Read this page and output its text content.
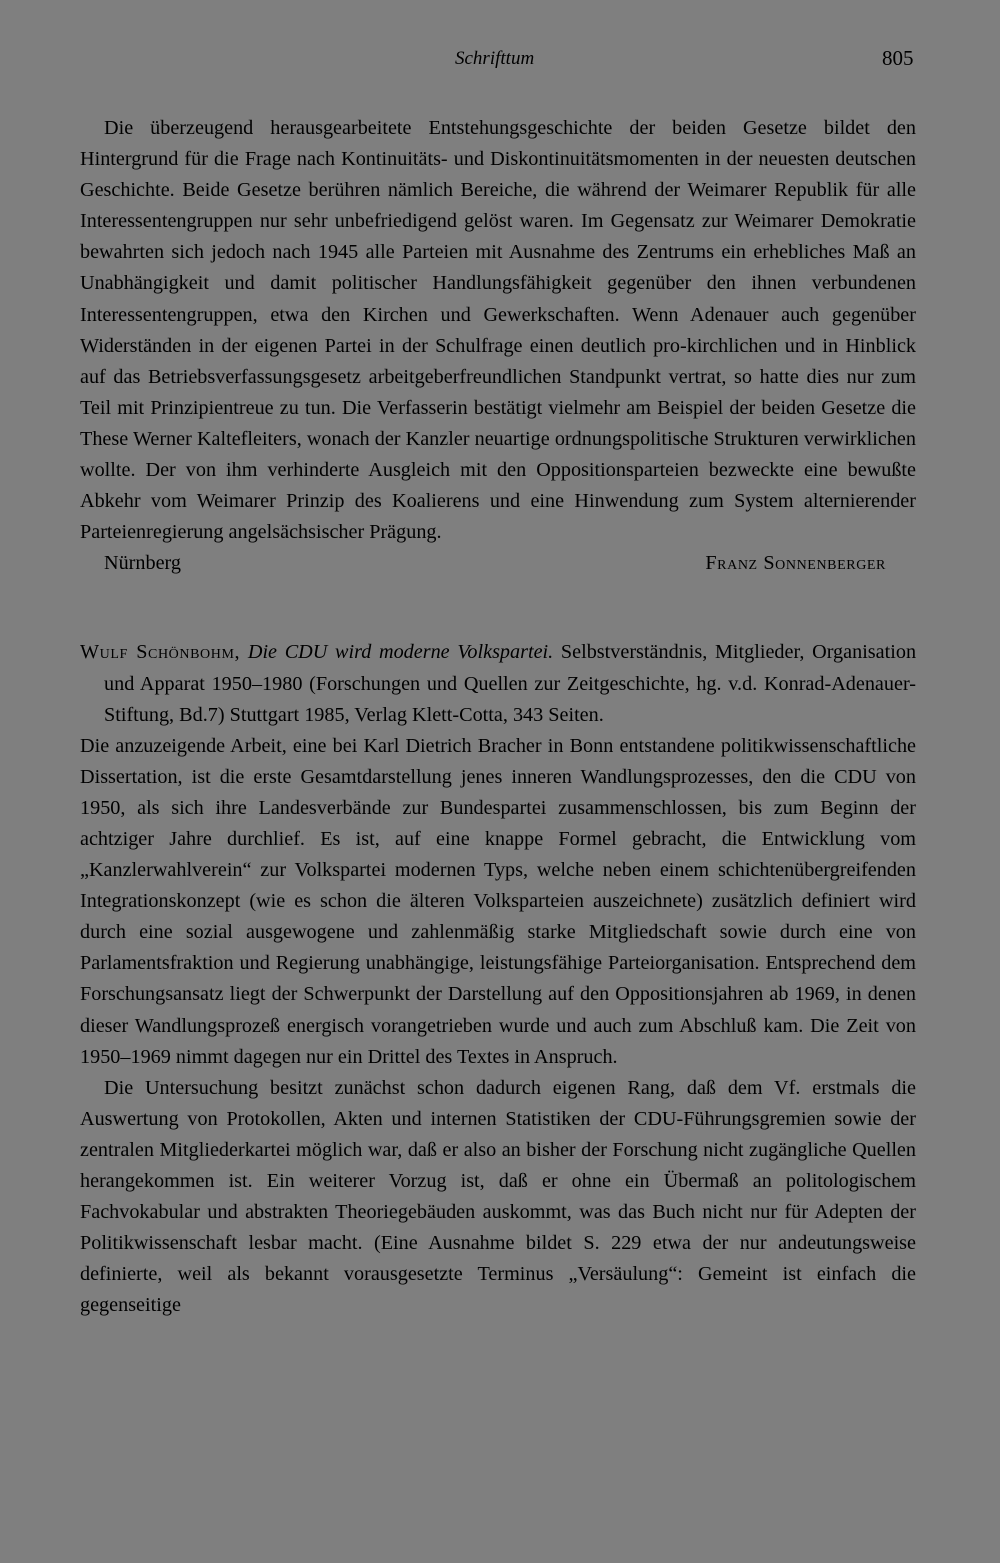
Schrifttum	805

Die überzeugend herausgearbeitete Entstehungsgeschichte der beiden Gesetze bildet den Hintergrund für die Frage nach Kontinuitäts- und Diskontinuitätsmomenten in der neuesten deutschen Geschichte. Beide Gesetze berühren nämlich Bereiche, die während der Weimarer Republik für alle Interessentengruppen nur sehr unbefriedigend gelöst waren. Im Gegensatz zur Weimarer Demokratie bewahrten sich jedoch nach 1945 alle Parteien mit Ausnahme des Zentrums ein erhebliches Maß an Unabhängigkeit und damit politischer Handlungsfähigkeit gegenüber den ihnen verbundenen Interessentengruppen, etwa den Kirchen und Gewerkschaften. Wenn Adenauer auch gegenüber Widerständen in der eigenen Partei in der Schulfrage einen deutlich pro-kirchlichen und in Hinblick auf das Betriebsverfassungsgesetz arbeitgeberfreundlichen Standpunkt vertrat, so hatte dies nur zum Teil mit Prinzipientreue zu tun. Die Verfasserin bestätigt vielmehr am Beispiel der beiden Gesetze die These Werner Kaltefleiters, wonach der Kanzler neuartige ordnungspolitische Strukturen verwirklichen wollte. Der von ihm verhinderte Ausgleich mit den Oppositionsparteien bezweckte eine bewußte Abkehr vom Weimarer Prinzip des Koalierens und eine Hinwendung zum System alternierender Parteienregierung angelsächsischer Prägung.

Nürnberg	Franz Sonnenberger

Wulf Schönbohm, Die CDU wird moderne Volkspartei. Selbstverständnis, Mitglieder, Organisation und Apparat 1950–1980 (Forschungen und Quellen zur Zeitgeschichte, hg. v.d. Konrad-Adenauer-Stiftung, Bd.7) Stuttgart 1985, Verlag Klett-Cotta, 343 Seiten.

Die anzuzeigende Arbeit, eine bei Karl Dietrich Bracher in Bonn entstandene politikwissenschaftliche Dissertation, ist die erste Gesamtdarstellung jenes inneren Wandlungsprozesses, den die CDU von 1950, als sich ihre Landesverbände zur Bundespartei zusammenschlossen, bis zum Beginn der achtziger Jahre durchlief. Es ist, auf eine knappe Formel gebracht, die Entwicklung vom „Kanzlerwahlverein“ zur Volkspartei modernen Typs, welche neben einem schichtenübergreifenden Integrationskonzept (wie es schon die älteren Volksparteien auszeichnete) zusätzlich definiert wird durch eine sozial ausgewogene und zahlenmäßig starke Mitgliedschaft sowie durch eine von Parlamentsfraktion und Regierung unabhängige, leistungsfähige Parteiorganisation. Entsprechend dem Forschungsansatz liegt der Schwerpunkt der Darstellung auf den Oppositionsjahren ab 1969, in denen dieser Wandlungsprozeß energisch vorangetrieben wurde und auch zum Abschluß kam. Die Zeit von 1950–1969 nimmt dagegen nur ein Drittel des Textes in Anspruch.

Die Untersuchung besitzt zunächst schon dadurch eigenen Rang, daß dem Vf. erstmals die Auswertung von Protokollen, Akten und internen Statistiken der CDU-Führungsgremien sowie der zentralen Mitgliederkartei möglich war, daß er also an bisher der Forschung nicht zugängliche Quellen herangekommen ist. Ein weiterer Vorzug ist, daß er ohne ein Übermaß an politologischem Fachvokabular und abstrakten Theoriegebäuden auskommt, was das Buch nicht nur für Adepten der Politikwissenschaft lesbar macht. (Eine Ausnahme bildet S. 229 etwa der nur andeutungsweise definierte, weil als bekannt vorausgesetzte Terminus „Versäulung“: Gemeint ist einfach die gegenseitige
